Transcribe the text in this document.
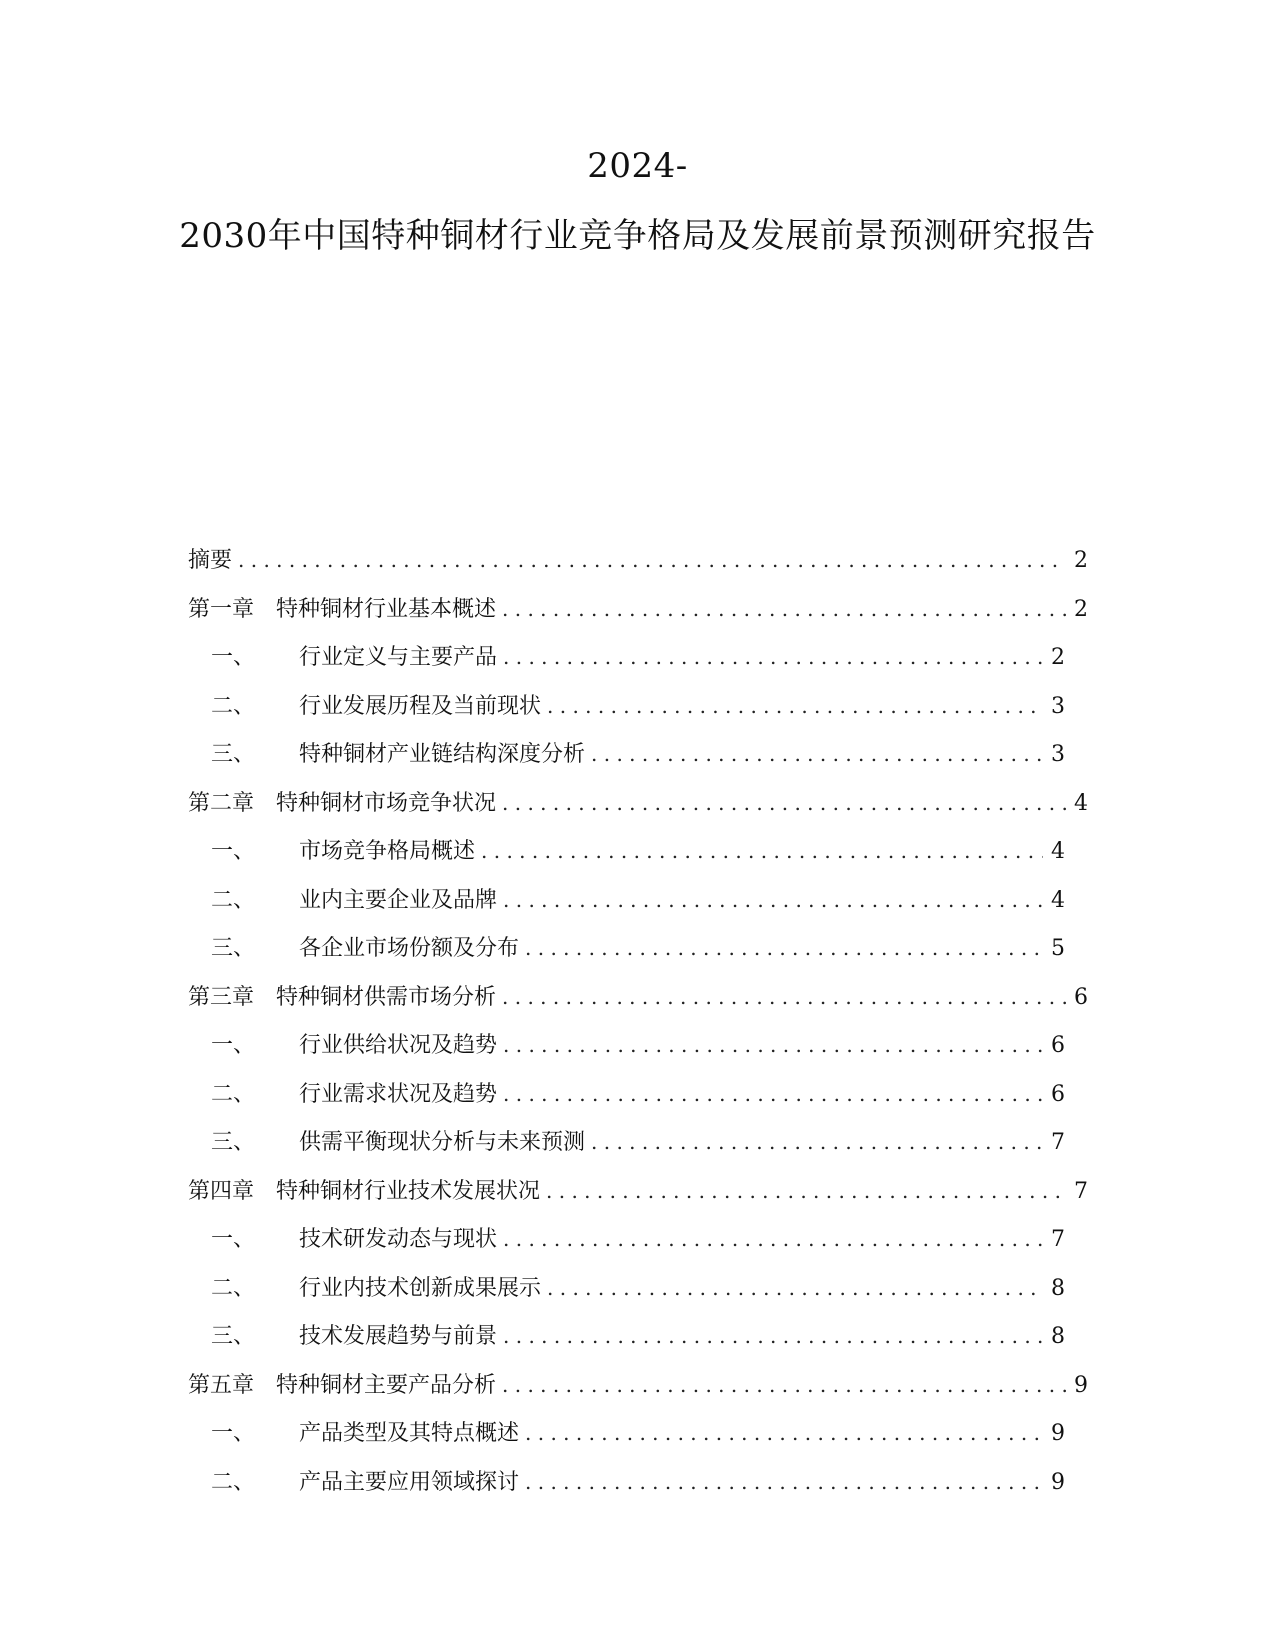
2024-
2030年中国特种铜材行业竞争格局及发展前景预测研究报告
摘要 . . .	2
第一章 特种铜材行业基本概述 . . .	2
一、	行业定义与主要产品 . . .	2
二、	行业发展历程及当前现状 . . .	3
三、	特种铜材产业链结构深度分析 . . .	3
第二章 特种铜材市场竞争状况 . . .	4
一、	市场竞争格局概述 . . .	4
二、	业内主要企业及品牌 . . .	4
三、	各企业市场份额及分布 . . .	5
第三章 特种铜材供需市场分析 . . .	6
一、	行业供给状况及趋势 . . .	6
二、	行业需求状况及趋势 . . .	6
三、	供需平衡现状分析与未来预测 . . .	7
第四章 特种铜材行业技术发展状况 . . .	7
一、	技术研发动态与现状 . . .	7
二、	行业内技术创新成果展示 . . .	8
三、	技术发展趋势与前景 . . .	8
第五章 特种铜材主要产品分析 . . .	9
一、	产品类型及其特点概述 . . .	9
二、	产品主要应用领域探讨 . . .	9
